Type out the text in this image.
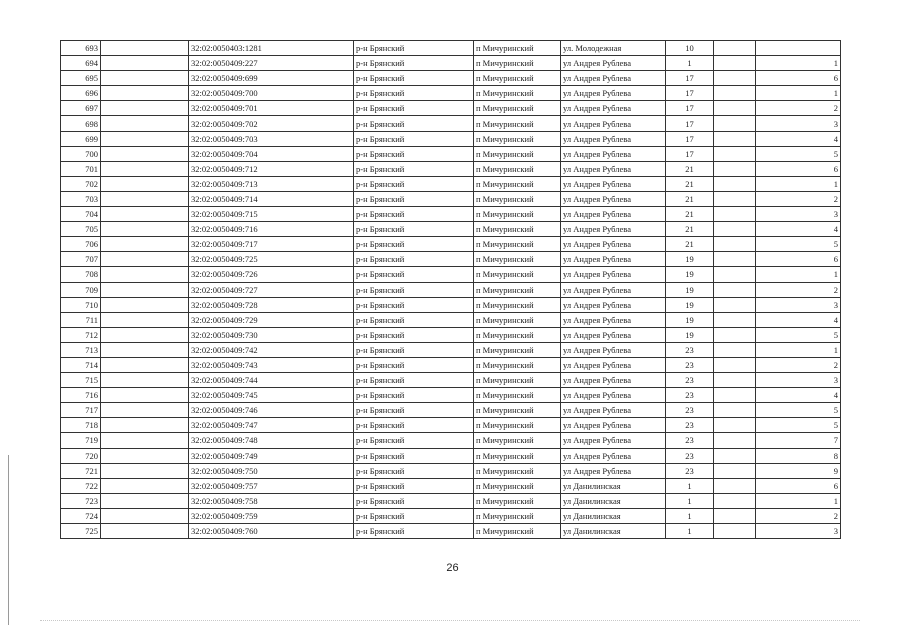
693		32:02:0050403:1281	р-н Брянский	п Мичуринский	ул. Молодежная	10		
694		32:02:0050409:227	р-н Брянский	п Мичуринский	ул Андрея Рублева	1		1
695		32:02:0050409:699	р-н Брянский	п Мичуринский	ул Андрея Рублева	17		6
696		32:02:0050409:700	р-н Брянский	п Мичуринский	ул Андрея Рублева	17		1
697		32:02:0050409:701	р-н Брянский	п Мичуринский	ул Андрея Рублева	17		2
698		32:02:0050409:702	р-н Брянский	п Мичуринский	ул Андрея Рублева	17		3
699		32:02:0050409:703	р-н Брянский	п Мичуринский	ул Андрея Рублева	17		4
700		32:02:0050409:704	р-н Брянский	п Мичуринский	ул Андрея Рублева	17		5
701		32:02:0050409:712	р-н Брянский	п Мичуринский	ул Андрея Рублева	21		6
702		32:02:0050409:713	р-н Брянский	п Мичуринский	ул Андрея Рублева	21		1
703		32:02:0050409:714	р-н Брянский	п Мичуринский	ул Андрея Рублева	21		2
704		32:02:0050409:715	р-н Брянский	п Мичуринский	ул Андрея Рублева	21		3
705		32:02:0050409:716	р-н Брянский	п Мичуринский	ул Андрея Рублева	21		4
706		32:02:0050409:717	р-н Брянский	п Мичуринский	ул Андрея Рублева	21		5
707		32:02:0050409:725	р-н Брянский	п Мичуринский	ул Андрея Рублева	19		6
708		32:02:0050409:726	р-н Брянский	п Мичуринский	ул Андрея Рублева	19		1
709		32:02:0050409:727	р-н Брянский	п Мичуринский	ул Андрея Рублева	19		2
710		32:02:0050409:728	р-н Брянский	п Мичуринский	ул Андрея Рублева	19		3
711		32:02:0050409:729	р-н Брянский	п Мичуринский	ул Андрея Рублева	19		4
712		32:02:0050409:730	р-н Брянский	п Мичуринский	ул Андрея Рублева	19		5
713		32:02:0050409:742	р-н Брянский	п Мичуринский	ул Андрея Рублева	23		1
714		32:02:0050409:743	р-н Брянский	п Мичуринский	ул Андрея Рублева	23		2
715		32:02:0050409:744	р-н Брянский	п Мичуринский	ул Андрея Рублева	23		3
716		32:02:0050409:745	р-н Брянский	п Мичуринский	ул Андрея Рублева	23		4
717		32:02:0050409:746	р-н Брянский	п Мичуринский	ул Андрея Рублева	23		5
718		32:02:0050409:747	р-н Брянский	п Мичуринский	ул Андрея Рублева	23		5
719		32:02:0050409:748	р-н Брянский	п Мичуринский	ул Андрея Рублева	23		7
720		32:02:0050409:749	р-н Брянский	п Мичуринский	ул Андрея Рублева	23		8
721		32:02:0050409:750	р-н Брянский	п Мичуринский	ул Андрея Рублева	23		9
722		32:02:0050409:757	р-н Брянский	п Мичуринский	ул Данилинская	1		6
723		32:02:0050409:758	р-н Брянский	п Мичуринский	ул Данилинская	1		1
724		32:02:0050409:759	р-н Брянский	п Мичуринский	ул Данилинская	1		2
725		32:02:0050409:760	р-н Брянский	п Мичуринский	ул Данилинская	1		3
26
